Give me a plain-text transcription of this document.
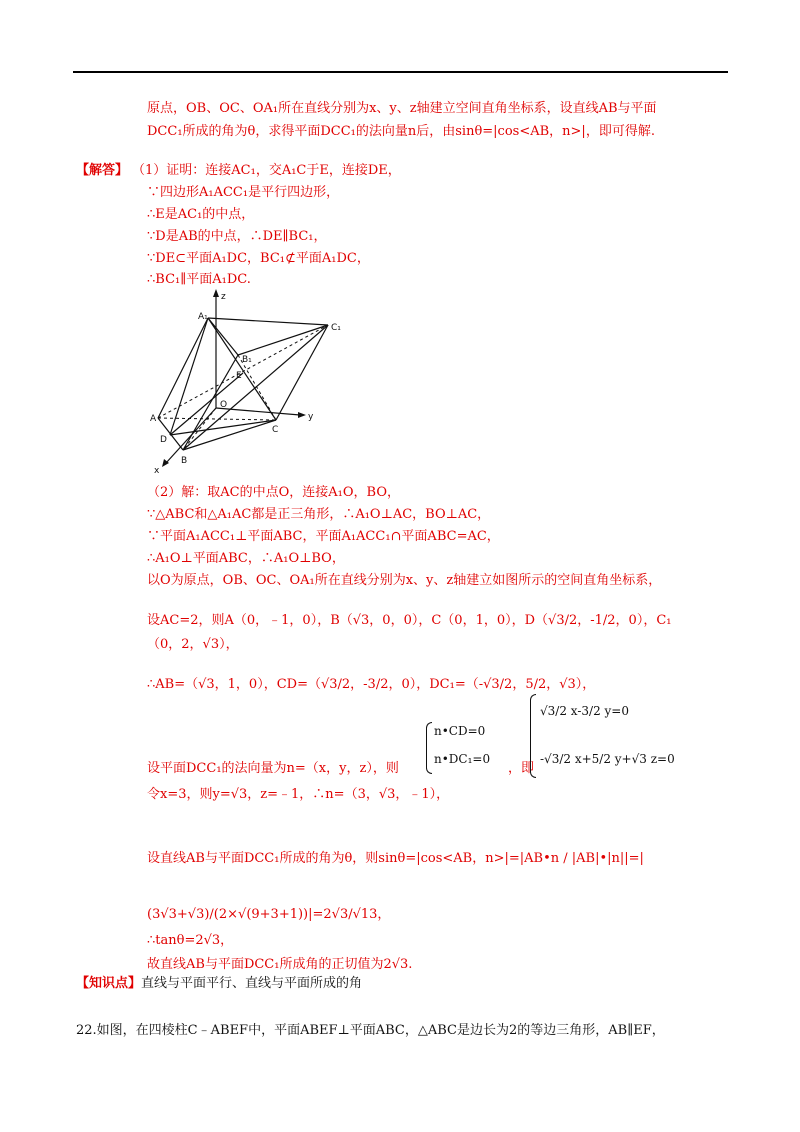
原点，OB、OC、OA₁所在直线分别为x、y、z轴建立空间直角坐标系，设直线AB与平面
DCC₁所成的角为θ，求得平面DCC₁的法向量n后，由sinθ=|cos<AB，n>|，即可得解.
【解答】 （1）证明：连接AC₁，交A₁C于E，连接DE，
∵四边形A₁ACC₁是平行四边形，
∴E是AC₁的中点，
∵D是AB的中点，∴DE∥BC₁，
∵DE⊂平面A₁DC，BC₁⊄平面A₁DC，
∴BC₁∥平面A₁DC.
z
A₁
C₁
B₁
E
O
A
D
C
B
x
y
（2）解：取AC的中点O，连接A₁O，BO，
∵△ABC和△A₁AC都是正三角形，∴A₁O⊥AC，BO⊥AC，
∵平面A₁ACC₁⊥平面ABC，平面A₁ACC₁∩平面ABC=AC，
∴A₁O⊥平面ABC，∴A₁O⊥BO，
以O为原点，OB、OC、OA₁所在直线分别为x、y、z轴建立如图所示的空间直角坐标系，
设AC=2，则A（0，﹣1，0），B（√3，0，0），C（0，1，0），D（√3/2，-1/2，0），C₁
（0，2，√3），
∴AB=（√3，1，0），CD=（√3/2，-3/2，0），DC₁=（-√3/2，5/2，√3），
设平面DCC₁的法向量为n=（x，y，z），则
n•CD=0
n•DC₁=0
，即
√3/2 x-3/2 y=0
-√3/2 x+5/2 y+√3 z=0
令x=3，则y=√3，z=﹣1，∴n=（3，√3，﹣1），
设直线AB与平面DCC₁所成的角为θ，则sinθ=|cos<AB，n>|=|AB•n / |AB|•|n||=|
(3√3+√3)/(2×√(9+3+1))|=2√3/√13，
∴tanθ=2√3，
故直线AB与平面DCC₁所成角的正切值为2√3.
【知识点】直线与平面平行、直线与平面所成的角
22.如图，在四棱柱C﹣ABEF中，平面ABEF⊥平面ABC，△ABC是边长为2的等边三角形，AB∥EF，
